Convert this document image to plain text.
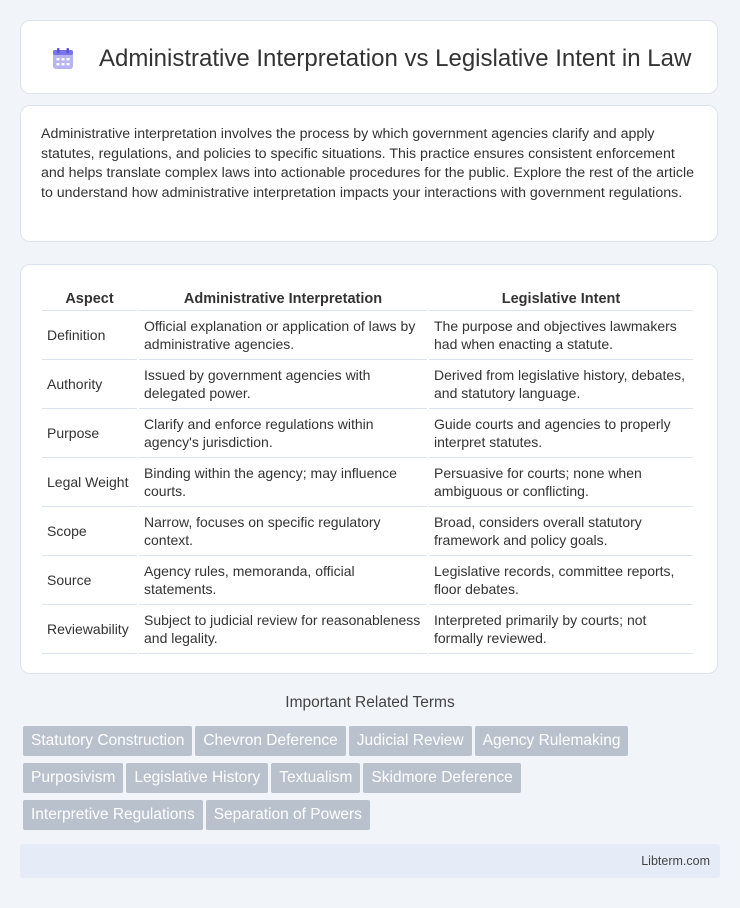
Administrative Interpretation vs Legislative Intent in Law

Administrative interpretation involves the process by which government agencies clarify and apply statutes, regulations, and policies to specific situations. This practice ensures consistent enforcement and helps translate complex laws into actionable procedures for the public. Explore the rest of the article to understand how administrative interpretation impacts your interactions with government regulations.

Aspect	Administrative Interpretation	Legislative Intent
Definition	Official explanation or application of laws by administrative agencies.	The purpose and objectives lawmakers had when enacting a statute.
Authority	Issued by government agencies with delegated power.	Derived from legislative history, debates, and statutory language.
Purpose	Clarify and enforce regulations within agency's jurisdiction.	Guide courts and agencies to properly interpret statutes.
Legal Weight	Binding within the agency; may influence courts.	Persuasive for courts; none when ambiguous or conflicting.
Scope	Narrow, focuses on specific regulatory context.	Broad, considers overall statutory framework and policy goals.
Source	Agency rules, memoranda, official statements.	Legislative records, committee reports, floor debates.
Reviewability	Subject to judicial review for reasonableness and legality.	Interpreted primarily by courts; not formally reviewed.
Important Related Terms
Statutory Construction Chevron Deference Judicial Review Agency Rulemaking
Purposivism Legislative History Textualism Skidmore Deference
Interpretive Regulations Separation of Powers
Libterm.com
